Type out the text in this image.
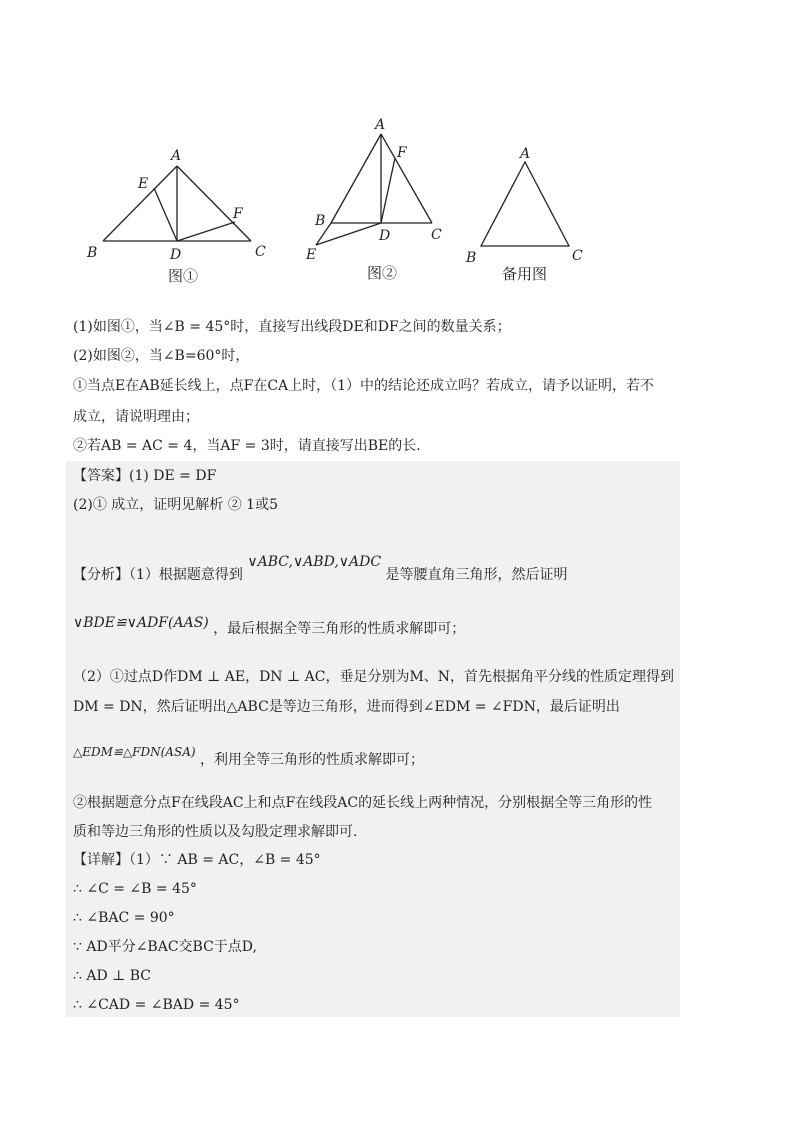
A
E
F
B	D	C
图①
A
F
B
D	C
E
图②
A
B	C
备用图
(1)如图①，当∠B = 45°时，直接写出线段DE和DF之间的数量关系；
(2)如图②，当∠B=60°时，
①当点E在AB延长线上，点F在CA上时，（1）中的结论还成立吗？若成立，请予以证明，若不
成立，请说明理由；
②若AB = AC = 4，当AF = 3时，请直接写出BE的长.
【答案】(1) DE = DF
(2)① 成立，证明见解析 ② 1或5
【分析】（1）根据题意得到 ∨ABC,∨ABD,∨ADC 是等腰直角三角形，然后证明
∨BDE≌∨ADF(AAS) ，最后根据全等三角形的性质求解即可；
（2）①过点D作DM ⊥ AE，DN ⊥ AC，垂足分别为M、N，首先根据角平分线的性质定理得到
DM = DN，然后证明出△ABC是等边三角形，进而得到∠EDM = ∠FDN，最后证明出
△EDM≌△FDN(ASA) ，利用全等三角形的性质求解即可；
②根据题意分点F在线段AC上和点F在线段AC的延长线上两种情况，分别根据全等三角形的性
质和等边三角形的性质以及勾股定理求解即可.
【详解】（1）∵ AB = AC，∠B = 45°
∴ ∠C = ∠B = 45°
∴ ∠BAC = 90°
∵ AD平分∠BAC交BC于点D,
∴ AD ⊥ BC
∴ ∠CAD = ∠BAD = 45°
